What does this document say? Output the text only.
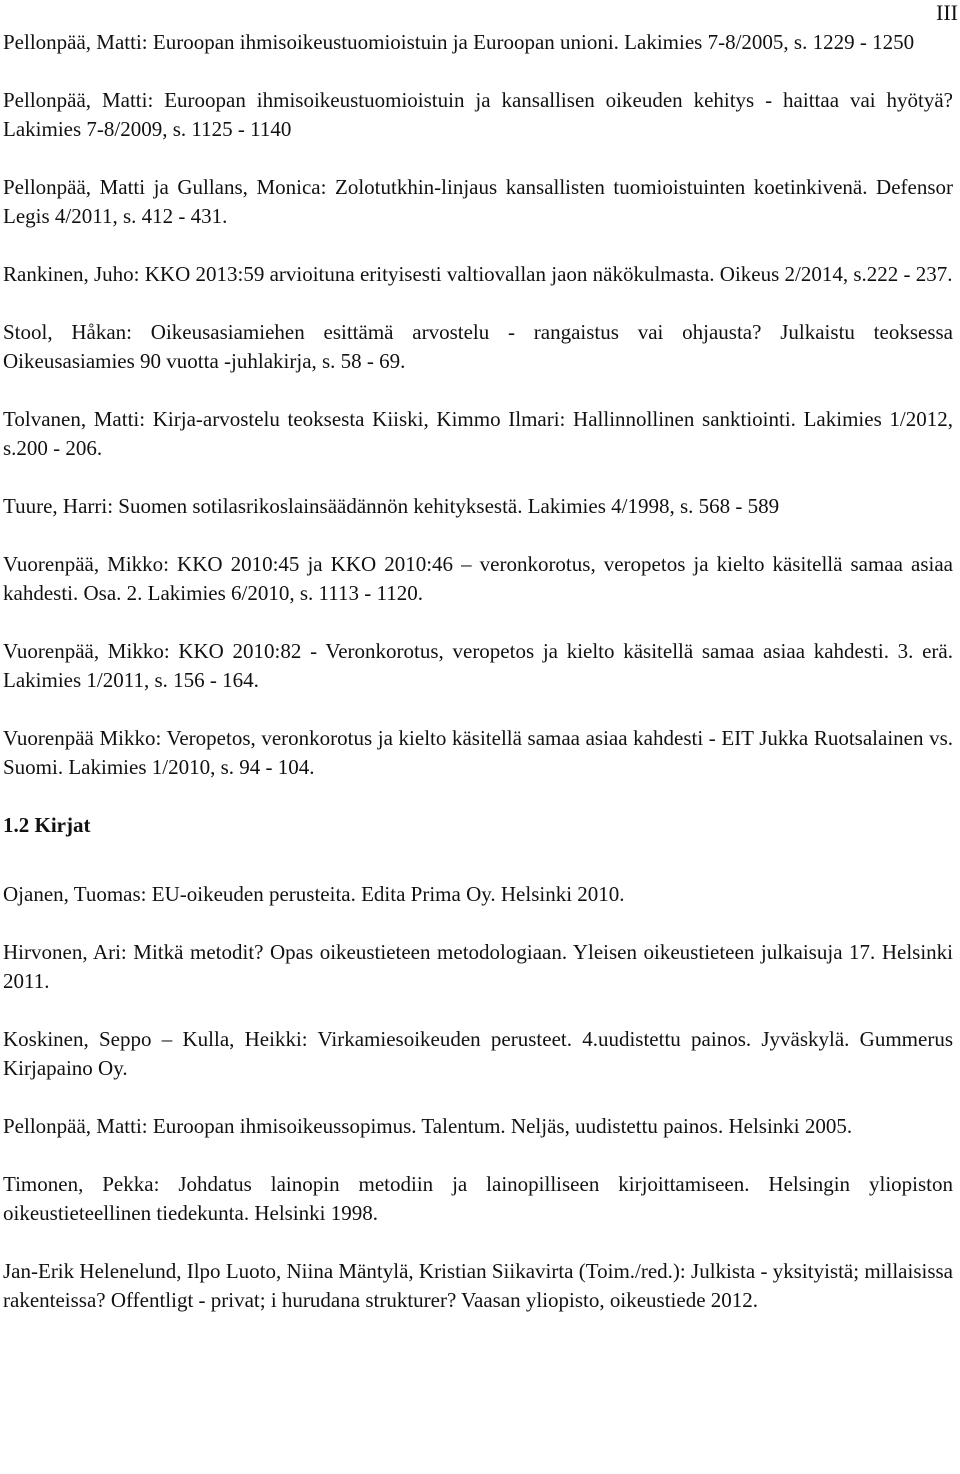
III

Pellonpää, Matti: Euroopan ihmisoikeustuomioistuin ja Euroopan unioni. Lakimies 7-8/2005, s. 1229 - 1250

Pellonpää, Matti: Euroopan ihmisoikeustuomioistuin ja kansallisen oikeuden kehitys - haittaa vai hyötyä? Lakimies 7-8/2009, s. 1125 - 1140

Pellonpää, Matti ja Gullans, Monica: Zolotutkhin-linjaus kansallisten tuomioistuinten koetinkivenä. Defensor Legis 4/2011, s. 412 - 431.

Rankinen, Juho: KKO 2013:59 arvioituna erityisesti valtiovallan jaon näkökulmasta. Oikeus 2/2014, s.222 - 237.

Stool, Håkan: Oikeusasiamiehen esittämä arvostelu - rangaistus vai ohjausta? Julkaistu teoksessa Oikeusasiamies 90 vuotta -juhlakirja, s. 58 - 69.

Tolvanen, Matti: Kirja-arvostelu teoksesta Kiiski, Kimmo Ilmari: Hallinnollinen sanktiointi. Lakimies 1/2012, s.200 - 206.

Tuure, Harri: Suomen sotilasrikoslainsäädännön kehityksestä. Lakimies 4/1998, s. 568 - 589

Vuorenpää, Mikko: KKO 2010:45 ja KKO 2010:46 – veronkorotus, veropetos ja kielto käsitellä samaa asiaa kahdesti. Osa. 2. Lakimies 6/2010, s. 1113 - 1120.

Vuorenpää, Mikko: KKO 2010:82 - Veronkorotus, veropetos ja kielto käsitellä samaa asiaa kahdesti. 3. erä. Lakimies 1/2011, s. 156 - 164.

Vuorenpää Mikko: Veropetos, veronkorotus ja kielto käsitellä samaa asiaa kahdesti - EIT Jukka Ruotsalainen vs. Suomi. Lakimies 1/2010, s. 94 - 104.

1.2 Kirjat

Ojanen, Tuomas: EU-oikeuden perusteita. Edita Prima Oy. Helsinki 2010.

Hirvonen, Ari: Mitkä metodit? Opas oikeustieteen metodologiaan. Yleisen oikeustieteen julkaisuja 17. Helsinki 2011.

Koskinen, Seppo – Kulla, Heikki: Virkamiesoikeuden perusteet. 4.uudistettu painos. Jyväskylä. Gummerus Kirjapaino Oy.

Pellonpää, Matti: Euroopan ihmisoikeussopimus. Talentum. Neljäs, uudistettu painos. Helsinki 2005.

Timonen, Pekka: Johdatus lainopin metodiin ja lainopilliseen kirjoittamiseen. Helsingin yliopiston oikeustieteellinen tiedekunta. Helsinki 1998.

Jan-Erik Helenelund, Ilpo Luoto, Niina Mäntylä, Kristian Siikavirta (Toim./red.): Julkista - yksityistä; millaisissa rakenteissa? Offentligt - privat; i hurudana strukturer? Vaasan yliopisto, oikeustiede 2012.
